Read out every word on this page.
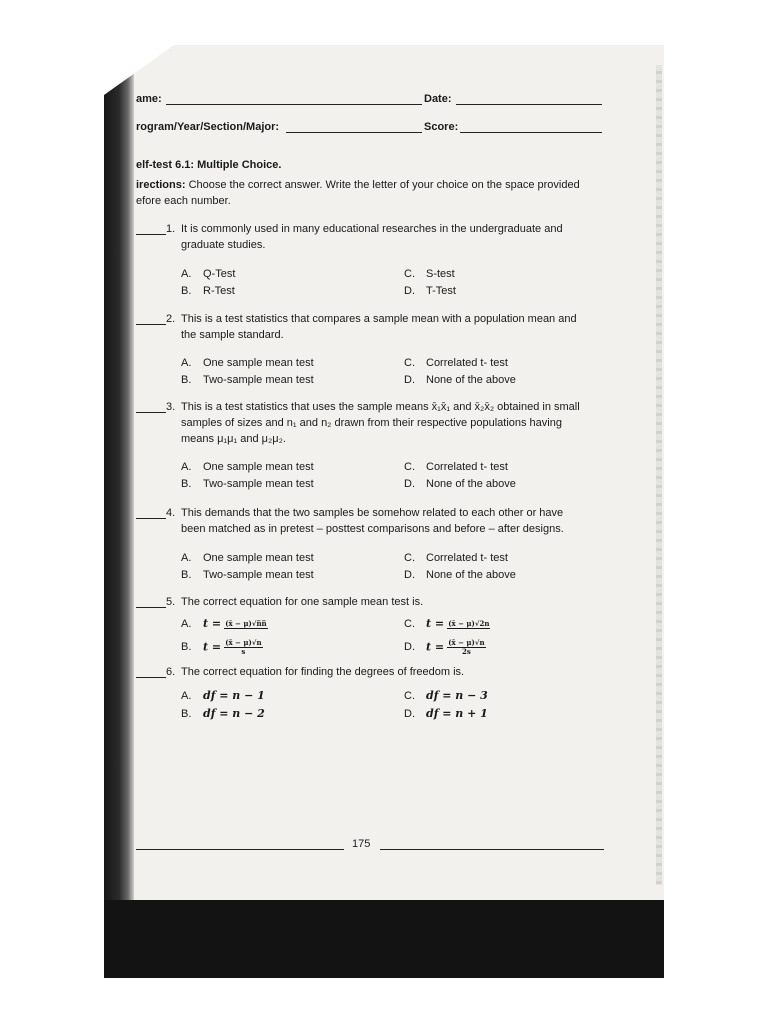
ame:	Date:
rogram/Year/Section/Major:	Score:
elf-test 6.1: Multiple Choice.
irections: Choose the correct answer. Write the letter of your choice on the space provided
efore each number.
1. It is commonly used in many educational researches in the undergraduate and
graduate studies.
A. Q-Test
B. R-Test
C. S-test
D. T-Test
2. This is a test statistics that compares a sample mean with a population mean and
the sample standard.
A. One sample mean test
B. Two-sample mean test
C. Correlated t- test
D. None of the above
3. This is a test statistics that uses the sample means x̄₁x̄₁ and x̄₂x̄₂ obtained in small
samples of sizes and n₁ and n₂ drawn from their respective populations having
means μ₁μ₁ and μ₂μ₂.
A. One sample mean test
B. Two-sample mean test
C. Correlated t- test
D. None of the above
4. This demands that the two samples be somehow related to each other or have
been matched as in pretest – posttest comparisons and before – after designs.
A. One sample mean test
B. Two-sample mean test
C. Correlated t- test
D. None of the above
5. The correct equation for one sample mean test is.
A. t = (x̄ − μ)√n̅n̅
B. $t = \frac{(x̄ - \mu)√n}{s}$
C. t = (x̄ − μ)√2n
D. $t = \frac{(x̄ - \mu)√n}{2s}$
6. The correct equation for finding the degrees of freedom is.
A. df = n − 1
B. df = n − 2
C. df = n − 3
D. df = n + 1
175
